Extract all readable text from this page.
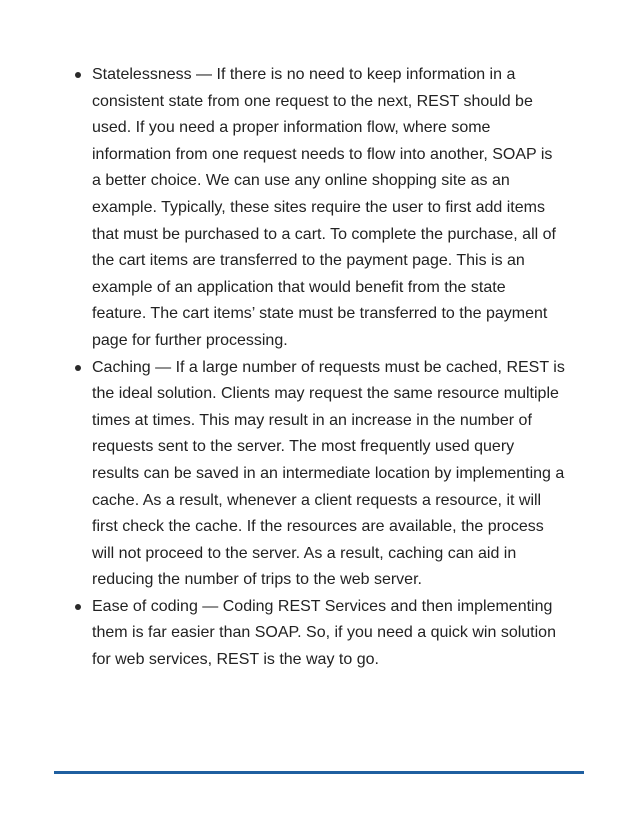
Statelessness — If there is no need to keep information in a
consistent state from one request to the next, REST should be
used. If you need a proper information flow, where some
information from one request needs to flow into another, SOAP is
a better choice. We can use any online shopping site as an
example. Typically, these sites require the user to first add items
that must be purchased to a cart. To complete the purchase, all of
the cart items are transferred to the payment page. This is an
example of an application that would benefit from the state
feature. The cart items’ state must be transferred to the payment
page for further processing.
Caching — If a large number of requests must be cached, REST is
the ideal solution. Clients may request the same resource multiple
times at times. This may result in an increase in the number of
requests sent to the server. The most frequently used query
results can be saved in an intermediate location by implementing a
cache. As a result, whenever a client requests a resource, it will
first check the cache. If the resources are available, the process
will not proceed to the server. As a result, caching can aid in
reducing the number of trips to the web server.
Ease of coding — Coding REST Services and then implementing
them is far easier than SOAP. So, if you need a quick win solution
for web services, REST is the way to go.
